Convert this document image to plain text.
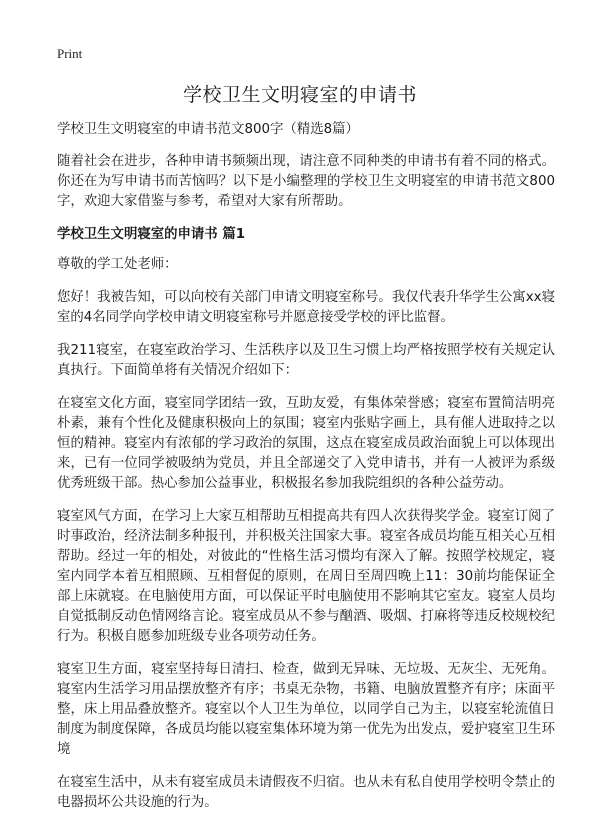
Print
学校卫生文明寝室的申请书

学校卫生文明寝室的申请书范文800字（精选8篇）

随着社会在进步，各种申请书频频出现，请注意不同种类的申请书有着不同的格式。你还在为写申请书而苦恼吗？以下是小编整理的学校卫生文明寝室的申请书范文800字，欢迎大家借鉴与参考，希望对大家有所帮助。

学校卫生文明寝室的申请书 篇1

尊敬的学工处老师：

您好！我被告知，可以向校有关部门申请文明寝室称号。我仅代表升华学生公寓xx寝室的4名同学向学校申请文明寝室称号并愿意接受学校的评比监督。

我211寝室，在寝室政治学习、生活秩序以及卫生习惯上均严格按照学校有关规定认真执行。下面简单将有关情况介绍如下：

在寝室文化方面，寝室同学团结一致，互助友爱，有集体荣誉感；寝室布置简洁明亮朴素，兼有个性化及健康积极向上的氛围；寝室内张贴字画上，具有催人进取持之以恒的精神。寝室内有浓郁的学习政治的氛围，这点在寝室成员政治面貌上可以体现出来，已有一位同学被吸纳为党员，并且全部递交了入党申请书，并有一人被评为系级优秀班级干部。热心参加公益事业，积极报名参加我院组织的各种公益劳动。

寝室风气方面，在学习上大家互相帮助互相提高共有四人次获得奖学金。寝室订阅了时事政治，经济法制多种报刊，并积极关注国家大事。寝室各成员均能互相关心互相帮助。经过一年的相处，对彼此的“性格生活习惯均有深入了解。按照学校规定，寝室内同学本着互相照顾、互相督促的原则，在周日至周四晚上11：30前均能保证全部上床就寝。在电脑使用方面，可以保证平时电脑使用不影响其它室友。寝室人员均自觉抵制反动色情网络言论。寝室成员从不参与酗酒、吸烟、打麻将等违反校规校纪行为。积极自愿参加班级专业各项劳动任务。

寝室卫生方面，寝室坚持每日清扫、检查，做到无异味、无垃圾、无灰尘、无死角。寝室内生活学习用品摆放整齐有序；书桌无杂物，书籍、电脑放置整齐有序；床面平整，床上用品叠放整齐。寝室以个人卫生为单位，以同学自己为主，以寝室轮流值日制度为制度保障，各成员均能以寝室集体环境为第一优先为出发点，爱护寝室卫生环境

在寝室生活中，从未有寝室成员未请假夜不归宿。也从未有私自使用学校明令禁止的电器损坏公共设施的行为。
